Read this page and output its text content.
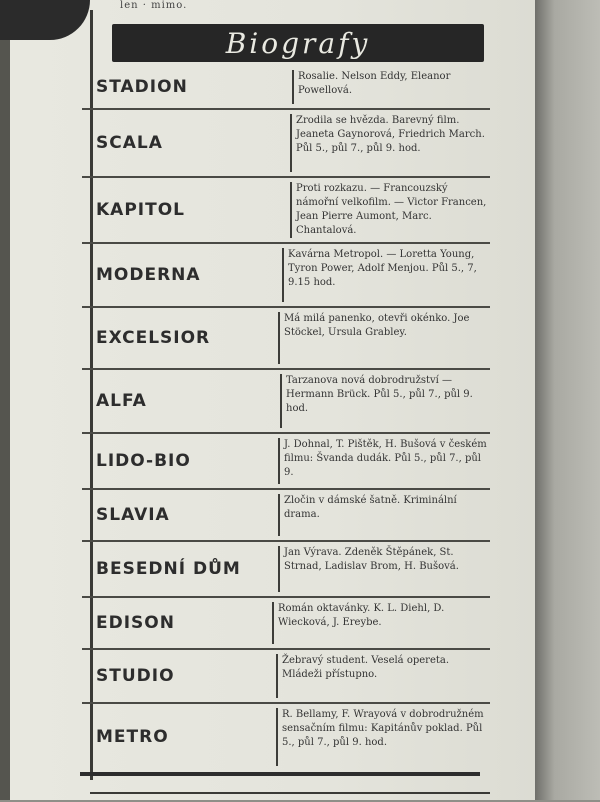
len · mimo.
Biografy
STADION
Rosalie. Nelson Eddy, Eleanor Powellová.
SCALA
Zrodila se hvězda. Barevný film. Jeaneta Gaynorová, Friedrich March. Půl 5., půl 7., půl 9. hod.
KAPITOL
Proti rozkazu. — Francouzský námořní velkofilm. — Victor Francen, Jean Pierre Aumont, Marc. Chantalová.
MODERNA
Kavárna Metropol. — Loretta Young, Tyron Power, Adolf Menjou. Půl 5., 7, 9.15 hod.
EXCELSIOR
Má milá panenko, otevři okénko. Joe Stöckel, Ursula Grabley.
ALFA
Tarzanova nová dobrodružství — Hermann Brück. Půl 5., půl 7., půl 9. hod.
LIDO-BIO
J. Dohnal, T. Pištěk, H. Bušová v českém filmu: Švanda dudák. Půl 5., půl 7., půl 9.
SLAVIA
Zločin v dámské šatně. Kriminální drama.
BESEDNÍ DŮM
Jan Výrava. Zdeněk Štěpánek, St. Strnad, Ladislav Brom, H. Bušová.
EDISON
Román oktavánky. K. L. Diehl, D. Wiecková, J. Ereybe.
STUDIO
Žebravý student. Veselá opereta. Mládeži přístupno.
METRO
R. Bellamy, F. Wrayová v dobrodružném sensačním filmu: Kapitánův poklad. Půl 5., půl 7., půl 9. hod.
